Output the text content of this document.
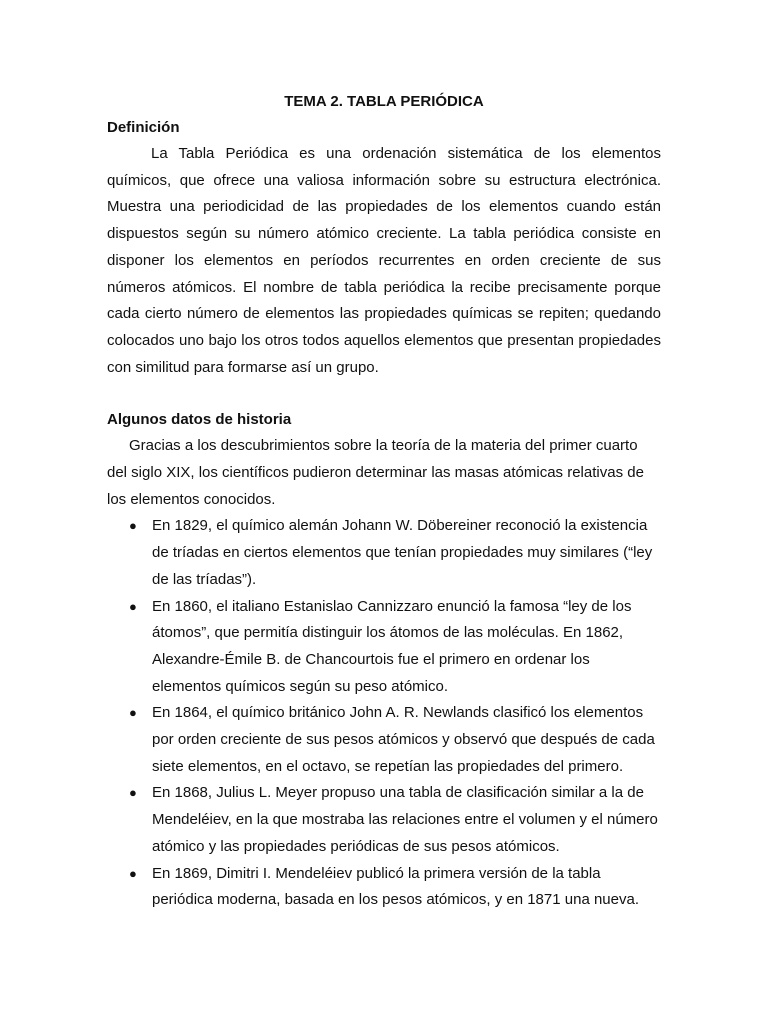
TEMA 2. TABLA PERIÓDICA
Definición

La Tabla Periódica es una ordenación sistemática de los elementos químicos, que ofrece una valiosa información sobre su estructura electrónica. Muestra una periodicidad de las propiedades de los elementos cuando están dispuestos según su número atómico creciente. La tabla periódica consiste en disponer los elementos en períodos recurrentes en orden creciente de sus números atómicos. El nombre de tabla periódica la recibe precisamente porque cada cierto número de elementos las propiedades químicas se repiten; quedando colocados uno bajo los otros todos aquellos elementos que presentan propiedades con similitud para formarse así un grupo.

Algunos datos de historia

Gracias a los descubrimientos sobre la teoría de la materia del primer cuarto del siglo XIX, los científicos pudieron determinar las masas atómicas relativas de los elementos conocidos.

● En 1829, el químico alemán Johann W. Döbereiner reconoció la existencia de tríadas en ciertos elementos que tenían propiedades muy similares (“ley de las tríadas”).
● En 1860, el italiano Estanislao Cannizzaro enunció la famosa “ley de los átomos”, que permitía distinguir los átomos de las moléculas. En 1862, Alexandre-Émile B. de Chancourtois fue el primero en ordenar los elementos químicos según su peso atómico.
● En 1864, el químico británico John A. R. Newlands clasificó los elementos por orden creciente de sus pesos atómicos y observó que después de cada siete elementos, en el octavo, se repetían las propiedades del primero.
● En 1868, Julius L. Meyer propuso una tabla de clasificación similar a la de Mendeléiev, en la que mostraba las relaciones entre el volumen y el número atómico y las propiedades periódicas de sus pesos atómicos.
● En 1869, Dimitri I. Mendeléiev publicó la primera versión de la tabla periódica moderna, basada en los pesos atómicos, y en 1871 una nueva.
